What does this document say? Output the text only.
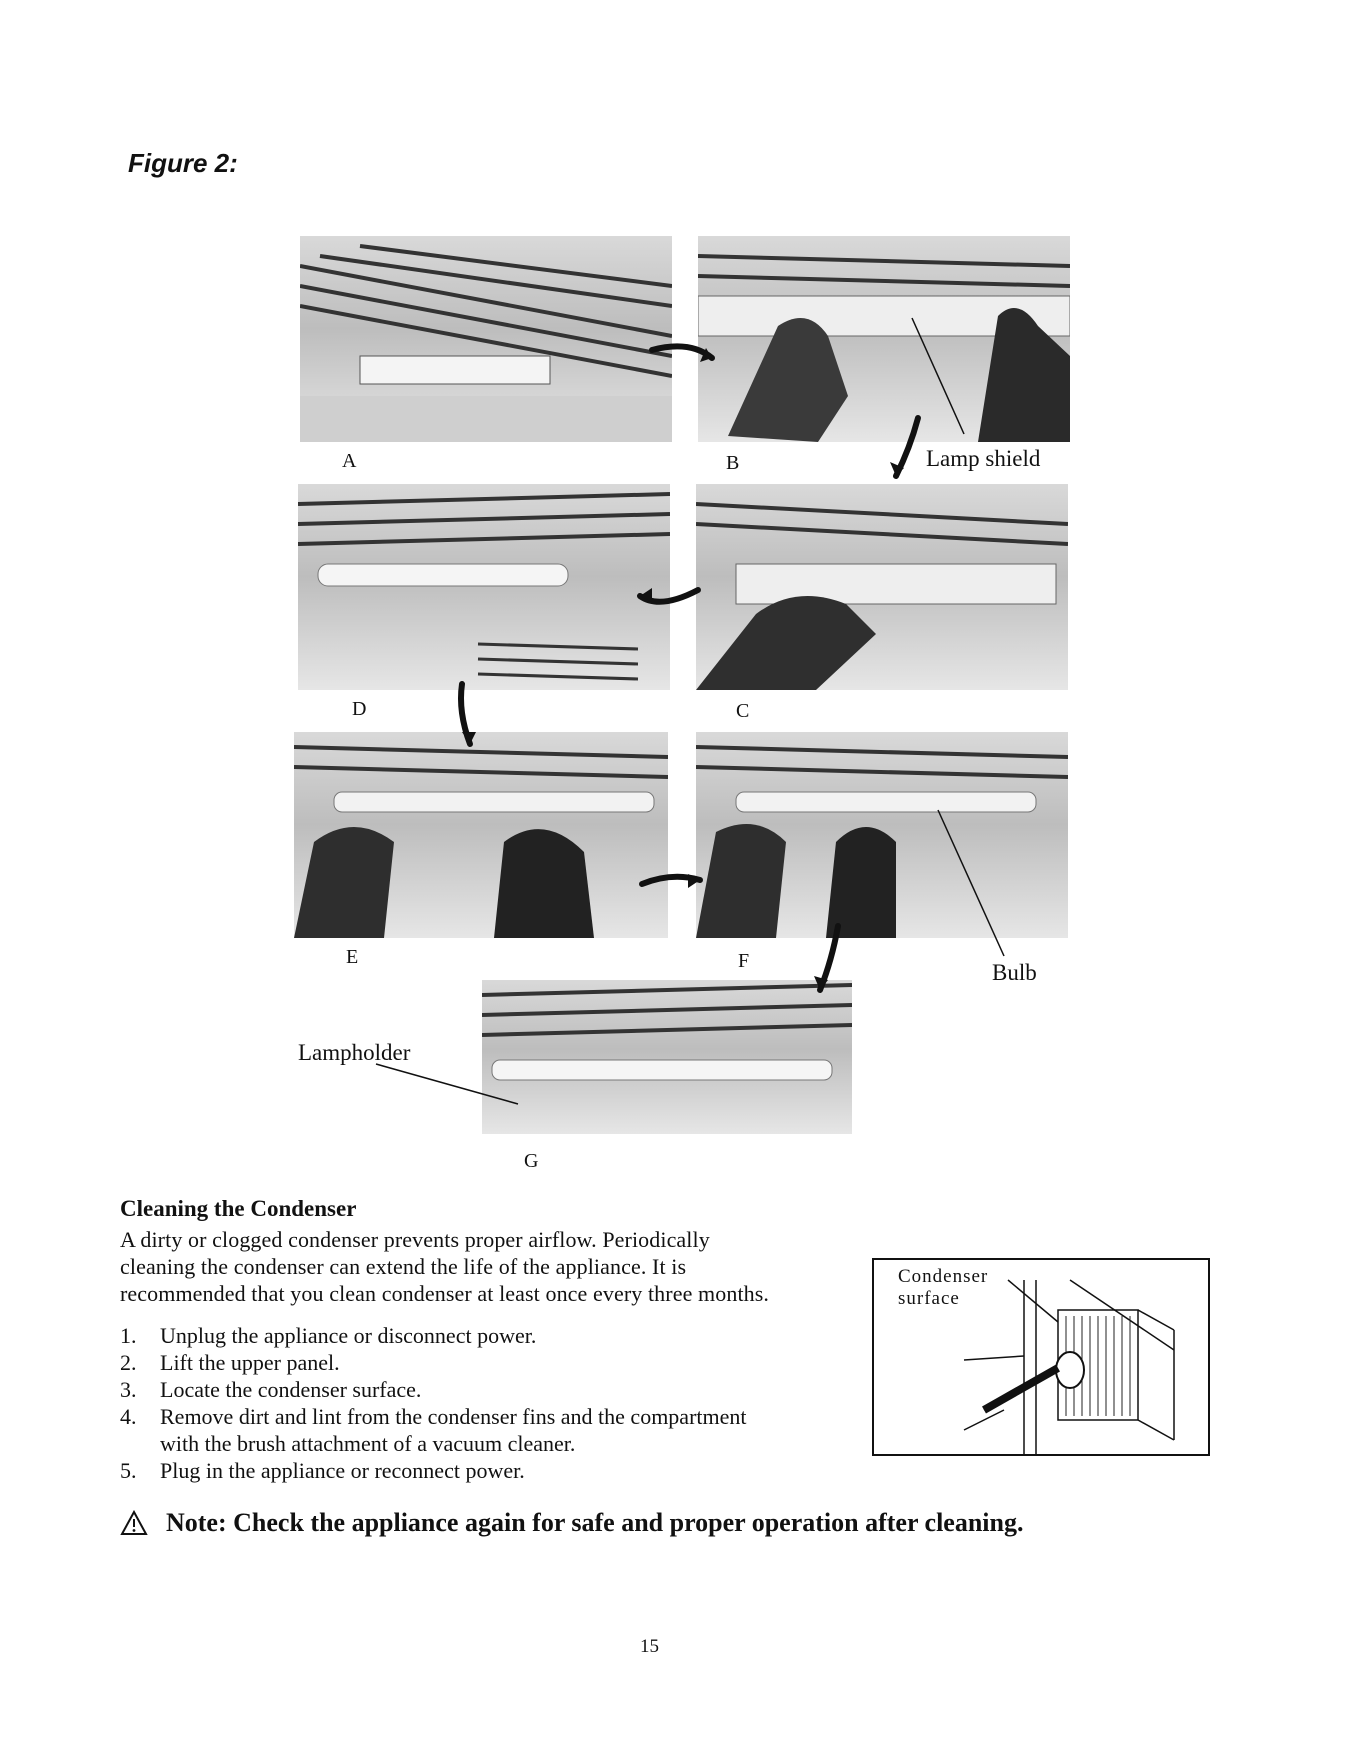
Figure 2:
A	B
C
D
E	F
G
Lamp shield
Bulb
Lampholder
Cleaning the Condenser
A dirty or clogged condenser prevents proper airflow. Periodically
cleaning the condenser can extend the life of the appliance. It is
recommended that you clean condenser at least once every three months.
1.	Unplug the appliance or disconnect power.
2.	Lift the upper panel.
3.	Locate the condenser surface.
4.	Remove dirt and lint from the condenser fins and the compartment
with the brush attachment of a vacuum cleaner.
5.	Plug in the appliance or reconnect power.
Condenser
surface
Note: Check the appliance again for safe and proper operation after cleaning.
15
